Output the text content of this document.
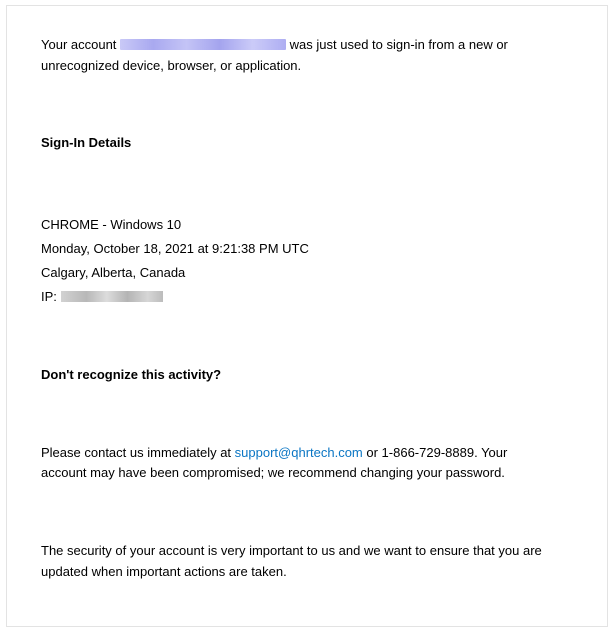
Your account	was just used to sign-in from a new or
unrecognized device, browser, or application.
Sign-In Details
CHROME - Windows 10
Monday, October 18, 2021 at 9:21:38 PM UTC
Calgary, Alberta, Canada
IP:
Don't recognize this activity?
Please contact us immediately at support@qhrtech.com or 1-866-729-8889. Your
account may have been compromised; we recommend changing your password.
The security of your account is very important to us and we want to ensure that you are
updated when important actions are taken.
